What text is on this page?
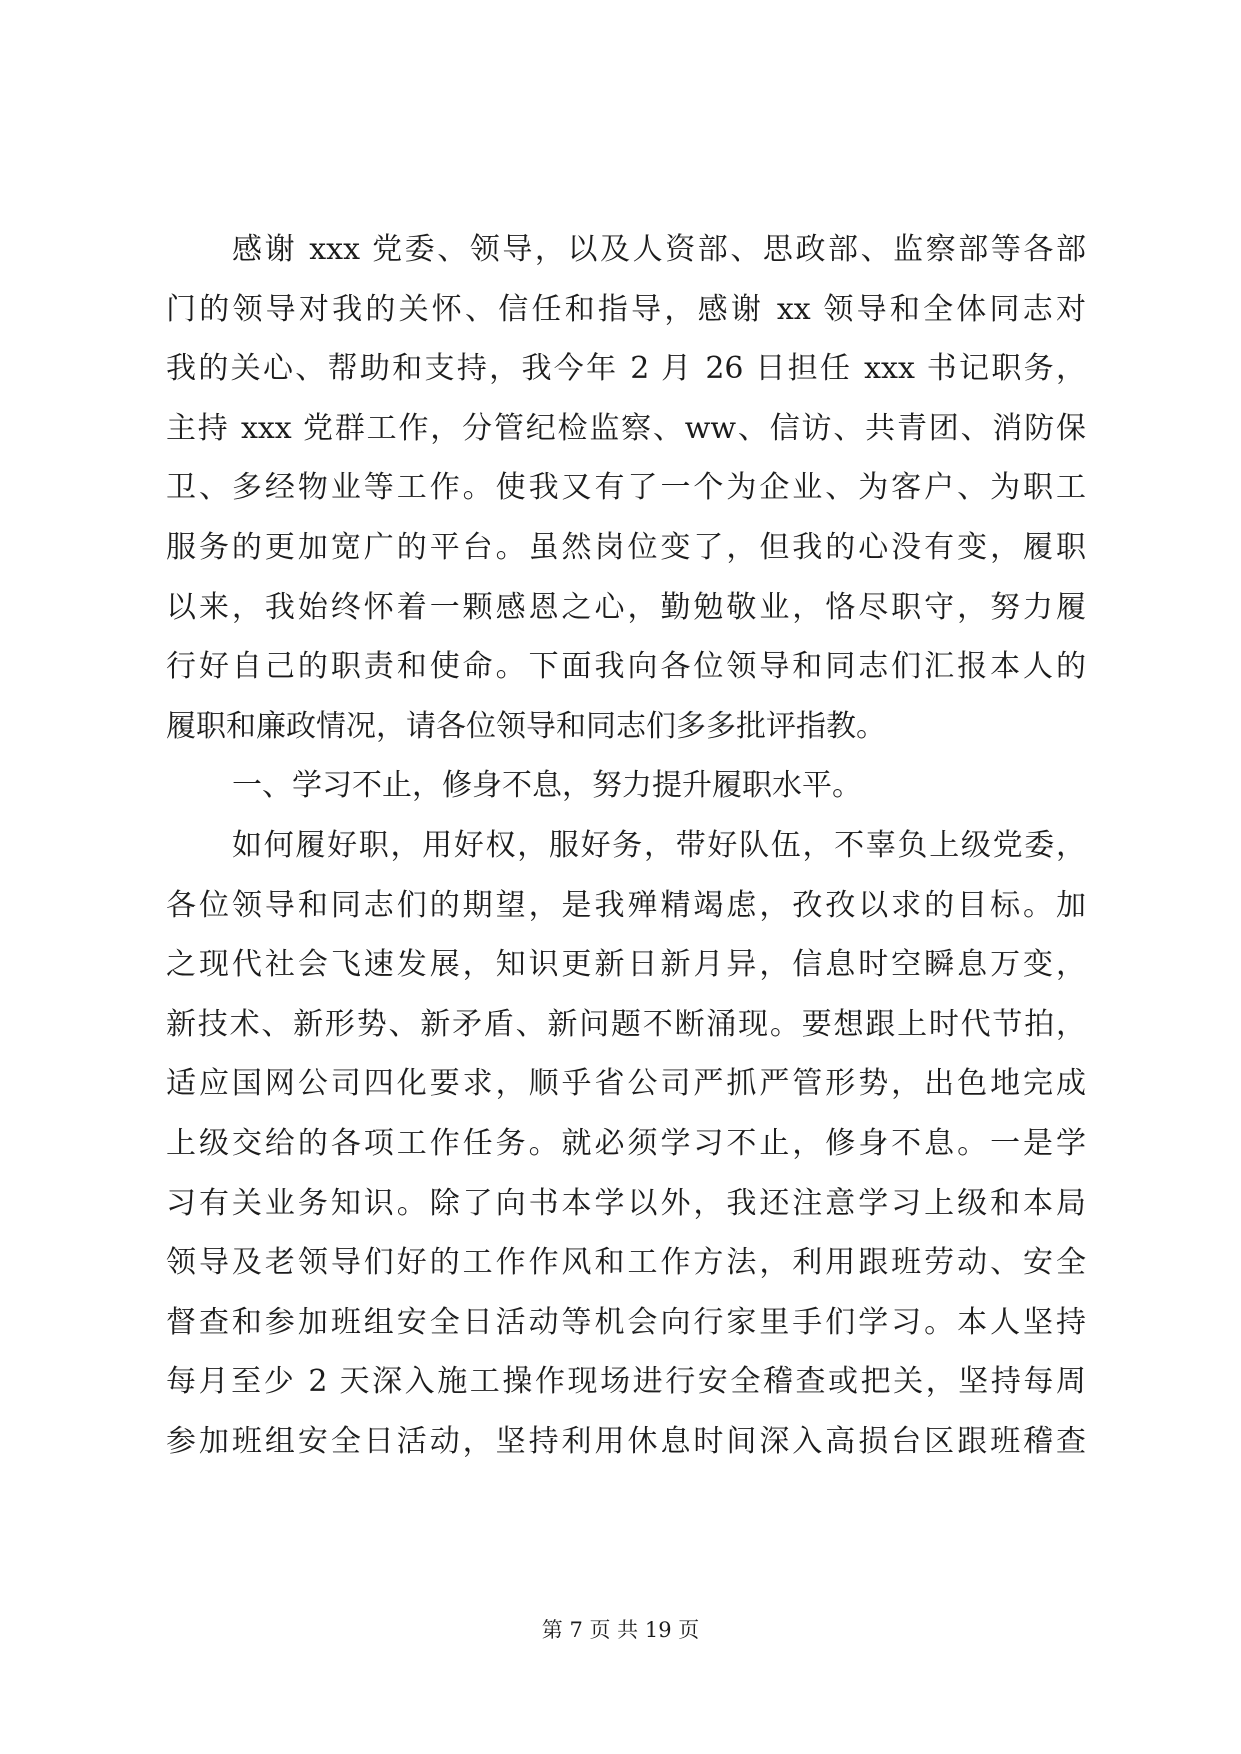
感谢 xxx 党委、领导，以及人资部、思政部、监察部等各部
门的领导对我的关怀、信任和指导，感谢 xx 领导和全体同志对
我的关心、帮助和支持，我今年 2 月 26 日担任 xxx 书记职务，
主持 xxx 党群工作，分管纪检监察、ww、信访、共青团、消防保
卫、多经物业等工作。使我又有了一个为企业、为客户、为职工
服务的更加宽广的平台。虽然岗位变了，但我的心没有变，履职
以来，我始终怀着一颗感恩之心，勤勉敬业，恪尽职守，努力履
行好自己的职责和使命。下面我向各位领导和同志们汇报本人的
履职和廉政情况，请各位领导和同志们多多批评指教。
一、学习不止，修身不息，努力提升履职水平。
如何履好职，用好权，服好务，带好队伍，不辜负上级党委，
各位领导和同志们的期望，是我殚精竭虑，孜孜以求的目标。加
之现代社会飞速发展，知识更新日新月异，信息时空瞬息万变，
新技术、新形势、新矛盾、新问题不断涌现。要想跟上时代节拍，
适应国网公司四化要求，顺乎省公司严抓严管形势，出色地完成
上级交给的各项工作任务。就必须学习不止，修身不息。一是学
习有关业务知识。除了向书本学以外，我还注意学习上级和本局
领导及老领导们好的工作作风和工作方法，利用跟班劳动、安全
督查和参加班组安全日活动等机会向行家里手们学习。本人坚持
每月至少 2 天深入施工操作现场进行安全稽查或把关，坚持每周
参加班组安全日活动，坚持利用休息时间深入高损台区跟班稽查
第 7 页 共 19 页
